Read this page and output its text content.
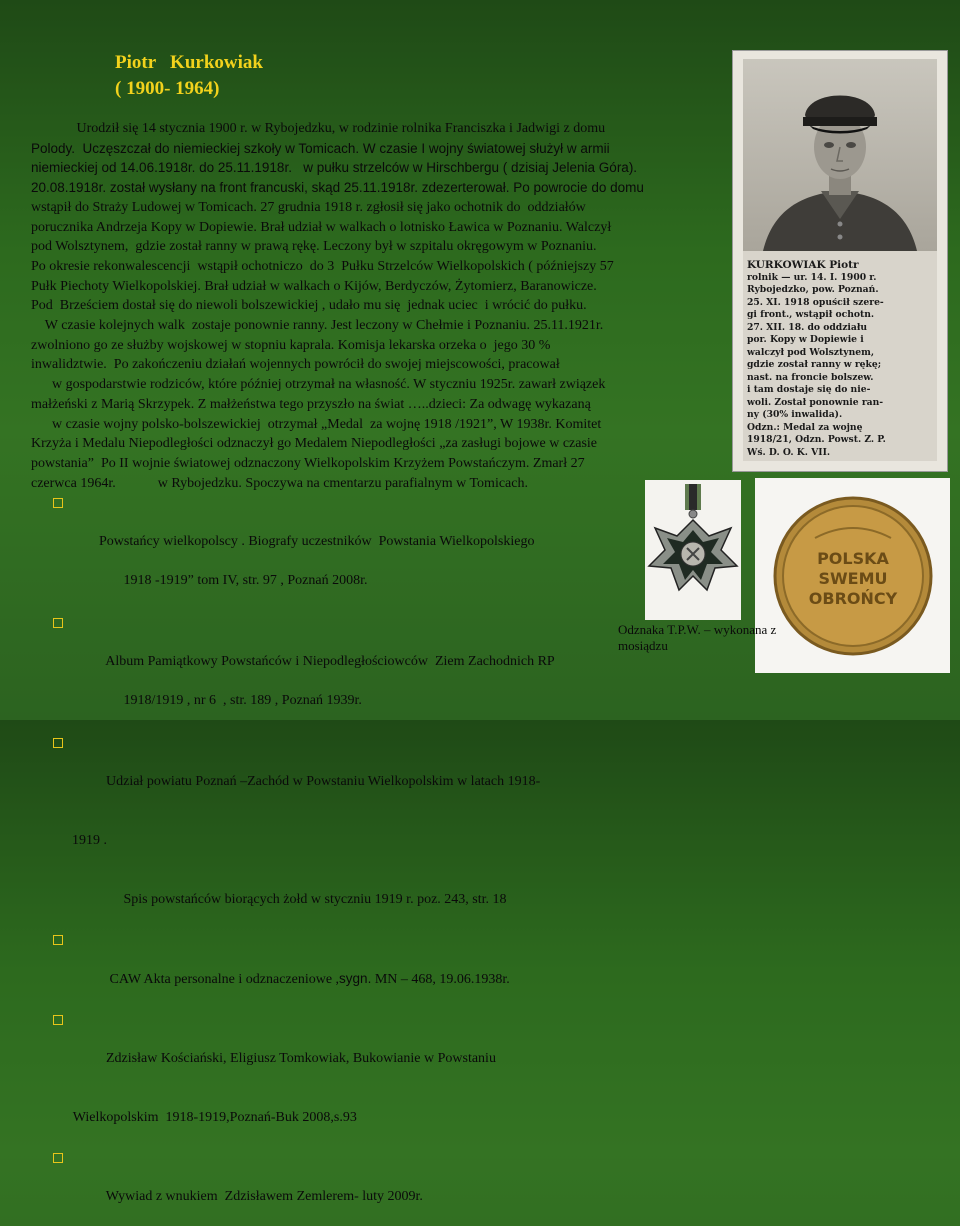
Piotr   Kurkowiak
( 1900- 1964)

Urodził się 14 stycznia 1900 r. w Rybojedzku, w rodzinie rolnika Franciszka i Jadwigi z domu
Polody.  Uczęszczał do niemieckiej szkoły w Tomicach. W czasie I wojny światowej służył w armii
niemieckiej od 14.06.1918r. do 25.11.1918r.   w pułku strzelców w Hirschbergu ( dzisiaj Jelenia Góra).
20.08.1918r. został wysłany na front francuski, skąd 25.11.1918r. zdezerterował. Po powrocie do domu
wstąpił do Straży Ludowej w Tomicach. 27 grudnia 1918 r. zgłosił się jako ochotnik do  oddziałów
porucznika Andrzeja Kopy w Dopiewie. Brał udział w walkach o lotnisko Ławica w Poznaniu. Walczył
pod Wolsztynem,  gdzie został ranny w prawą rękę. Leczony był w szpitalu okręgowym w Poznaniu.
Po okresie rekonwalescencji  wstąpił ochotniczo  do 3  Pułku Strzelców Wielkopolskich ( późniejszy 57
Pułk Piechoty Wielkopolskiej. Brał udział w walkach o Kijów, Berdyczów, Żytomierz, Baranowicze.
Pod  Brześciem dostał się do niewoli bolszewickiej , udało mu się  jednak uciec  i wrócić do pułku.
W czasie kolejnych walk  zostaje ponownie ranny. Jest leczony w Chełmie i Poznaniu. 25.11.1921r.
zwolniono go ze służby wojskowej w stopniu kaprala. Komisja lekarska orzeka o  jego 30 %
inwalidztwie.  Po zakończeniu działań wojennych powrócił do swojej miejscowości, pracował
w gospodarstwie rodziców, które później otrzymał na własność. W styczniu 1925r. zawarł związek
małżeński z Marią Skrzypek. Z małżeństwa tego przyszło na świat …..dzieci: Za odwagę wykazaną
w czasie wojny polsko-bolszewickiej  otrzymał „Medal  za wojnę 1918 /1921”, W 1938r. Komitet
Krzyża i Medalu Niepodległości odznaczył go Medalem Niepodległości „za zasługi bojowe w czasie
powstania”  Po II wojnie światowej odznaczony Wielkopolskim Krzyżem Powstańczym. Zmarł 27
czerwca 1964r.            w Rybojedzku. Spoczywa na cmentarzu parafialnym w Tomicach.

KURKOWIAK Piotr
rolnik — ur. 14. I. 1900 r.
Rybojedzko, pow. Poznań.
25. XI. 1918 opuścił szere-
gi front., wstąpił ochotn.
27. XII. 18. do oddziału
por. Kopy w Dopiewie i
walczył pod Wolsztynem,
gdzie został ranny w rękę;
nast. na froncie bolszew.
i tam dostaje się do nie-
woli. Został ponownie ran-
ny (30% inwalida).
Odzn.: Medal za wojnę
1918/21, Odzn. Powst. Z. P.
Wś. D. O. K. VII.

Powstańcy wielkopolscy . Biografy uczestników  Powstania Wielkopolskiego

1918 -1919” tom IV, str. 97 , Poznań 2008r.

Album Pamiątkowy Powstańców i Niepodległościowców  Ziem Zachodnich RP

1918/1919 , nr 6  , str. 189 , Poznań 1939r.

Udział powiatu Poznań –Zachód w Powstaniu Wielkopolskim w latach 1918-

1919 .

Spis powstańców biorących żołd w styczniu 1919 r. poz. 243, str. 18

CAW Akta personalne i odznaczeniowe ,sygn. MN – 468, 19.06.1938r.

Zdzisław Kościański, Eligiusz Tomkowiak, Bukowianie w Powstaniu

Wielkopolskim  1918-1919,Poznań-Buk 2008,s.93

Wywiad z wnukiem  Zdzisławem Zemlerem- luty 2009r.

POLSKA
SWEMU
OBROŃCY
Odznaka T.P.W. – wykonana z mosiądzu
